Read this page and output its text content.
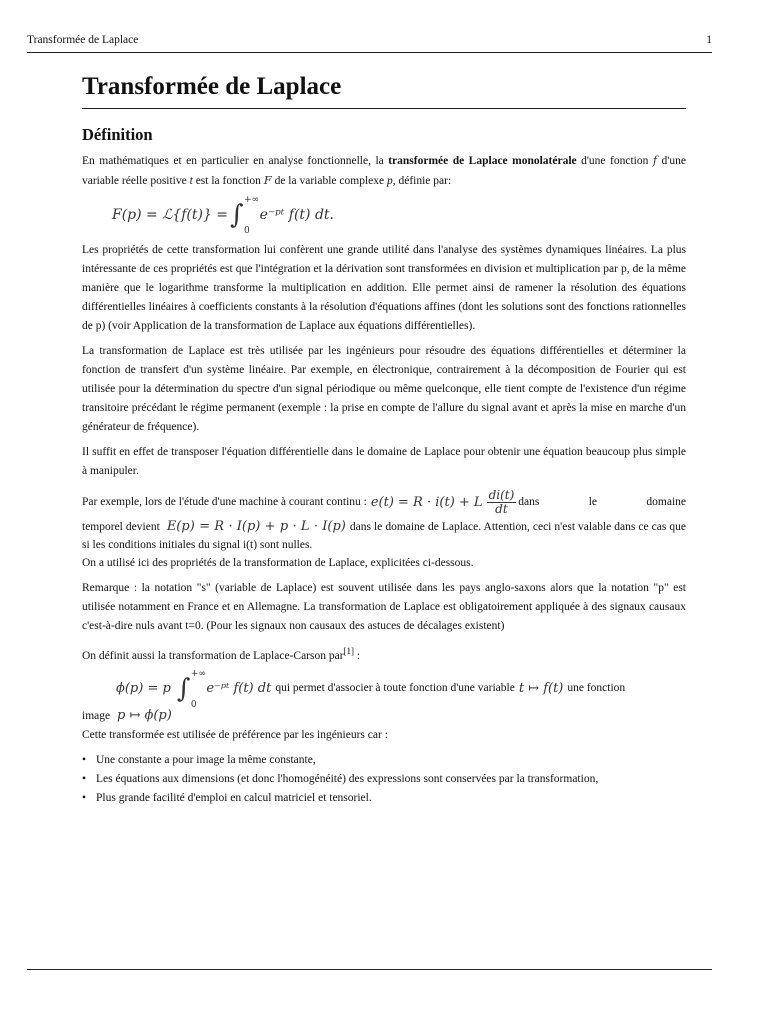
Transformée de Laplace	1
Transformée de Laplace
Définition

En mathématiques et en particulier en analyse fonctionnelle, la transformée de Laplace monolatérale d'une fonction f d'une variable réelle positive t est la fonction F de la variable complexe p, définie par:

F(p) = ℒ{f(t)} = ∫ +∞
0
e⁻ᵖᵗ f(t) dt.

Les propriétés de cette transformation lui confèrent une grande utilité dans l'analyse des systèmes dynamiques linéaires. La plus intéressante de ces propriétés est que l'intégration et la dérivation sont transformées en division et multiplication par p, de la même manière que le logarithme transforme la multiplication en addition. Elle permet ainsi de ramener la résolution des équations différentielles linéaires à coefficients constants à la résolution d'équations affines (dont les solutions sont des fonctions rationnelles de p) (voir Application de la transformation de Laplace aux équations différentielles).

La transformation de Laplace est très utilisée par les ingénieurs pour résoudre des équations différentielles et déterminer la fonction de transfert d'un système linéaire. Par exemple, en électronique, contrairement à la décomposition de Fourier qui est utilisée pour la détermination du spectre d'un signal périodique ou même quelconque, elle tient compte de l'existence d'un régime transitoire précédant le régime permanent (exemple : la prise en compte de l'allure du signal avant et après la mise en marche d'un générateur de fréquence).

Il suffit en effet de transposer l'équation différentielle dans le domaine de Laplace pour obtenir une équation beaucoup plus simple à manipuler.

Par exemple, lors de l'étude d'une machine à courant continu : e(t) = R · i(t) + L $\frac{di(t)}{dt}$ dans le domaine

temporel devient E(p) = R · I(p) + p · L · I(p) dans le domaine de Laplace. Attention, ceci n'est valable dans ce cas que si les conditions initiales du signal i(t) sont nulles.

On a utilisé ici des propriétés de la transformation de Laplace, explicitées ci-dessous.

Remarque : la notation "s" (variable de Laplace) est souvent utilisée dans les pays anglo-saxons alors que la notation "p" est utilisée notamment en France et en Allemagne. La transformation de Laplace est obligatoirement appliquée à des signaux causaux c'est-à-dire nuls avant t=0. (Pour les signaux non causaux des astuces de décalages existent)

On définit aussi la transformation de Laplace-Carson par[1] :

ϕ(p) = p ∫ +∞
0
e⁻ᵖᵗ f(t) dt qui permet d'associer à toute fonction d'une variable t ↦ f(t) une fonction

image p ↦ ϕ(p)

Cette transformée est utilisée de préférence par les ingénieurs car :

• Une constante a pour image la même constante,
• Les équations aux dimensions (et donc l'homogénéité) des expressions sont conservées par la transformation,
• Plus grande facilité d'emploi en calcul matriciel et tensoriel.
